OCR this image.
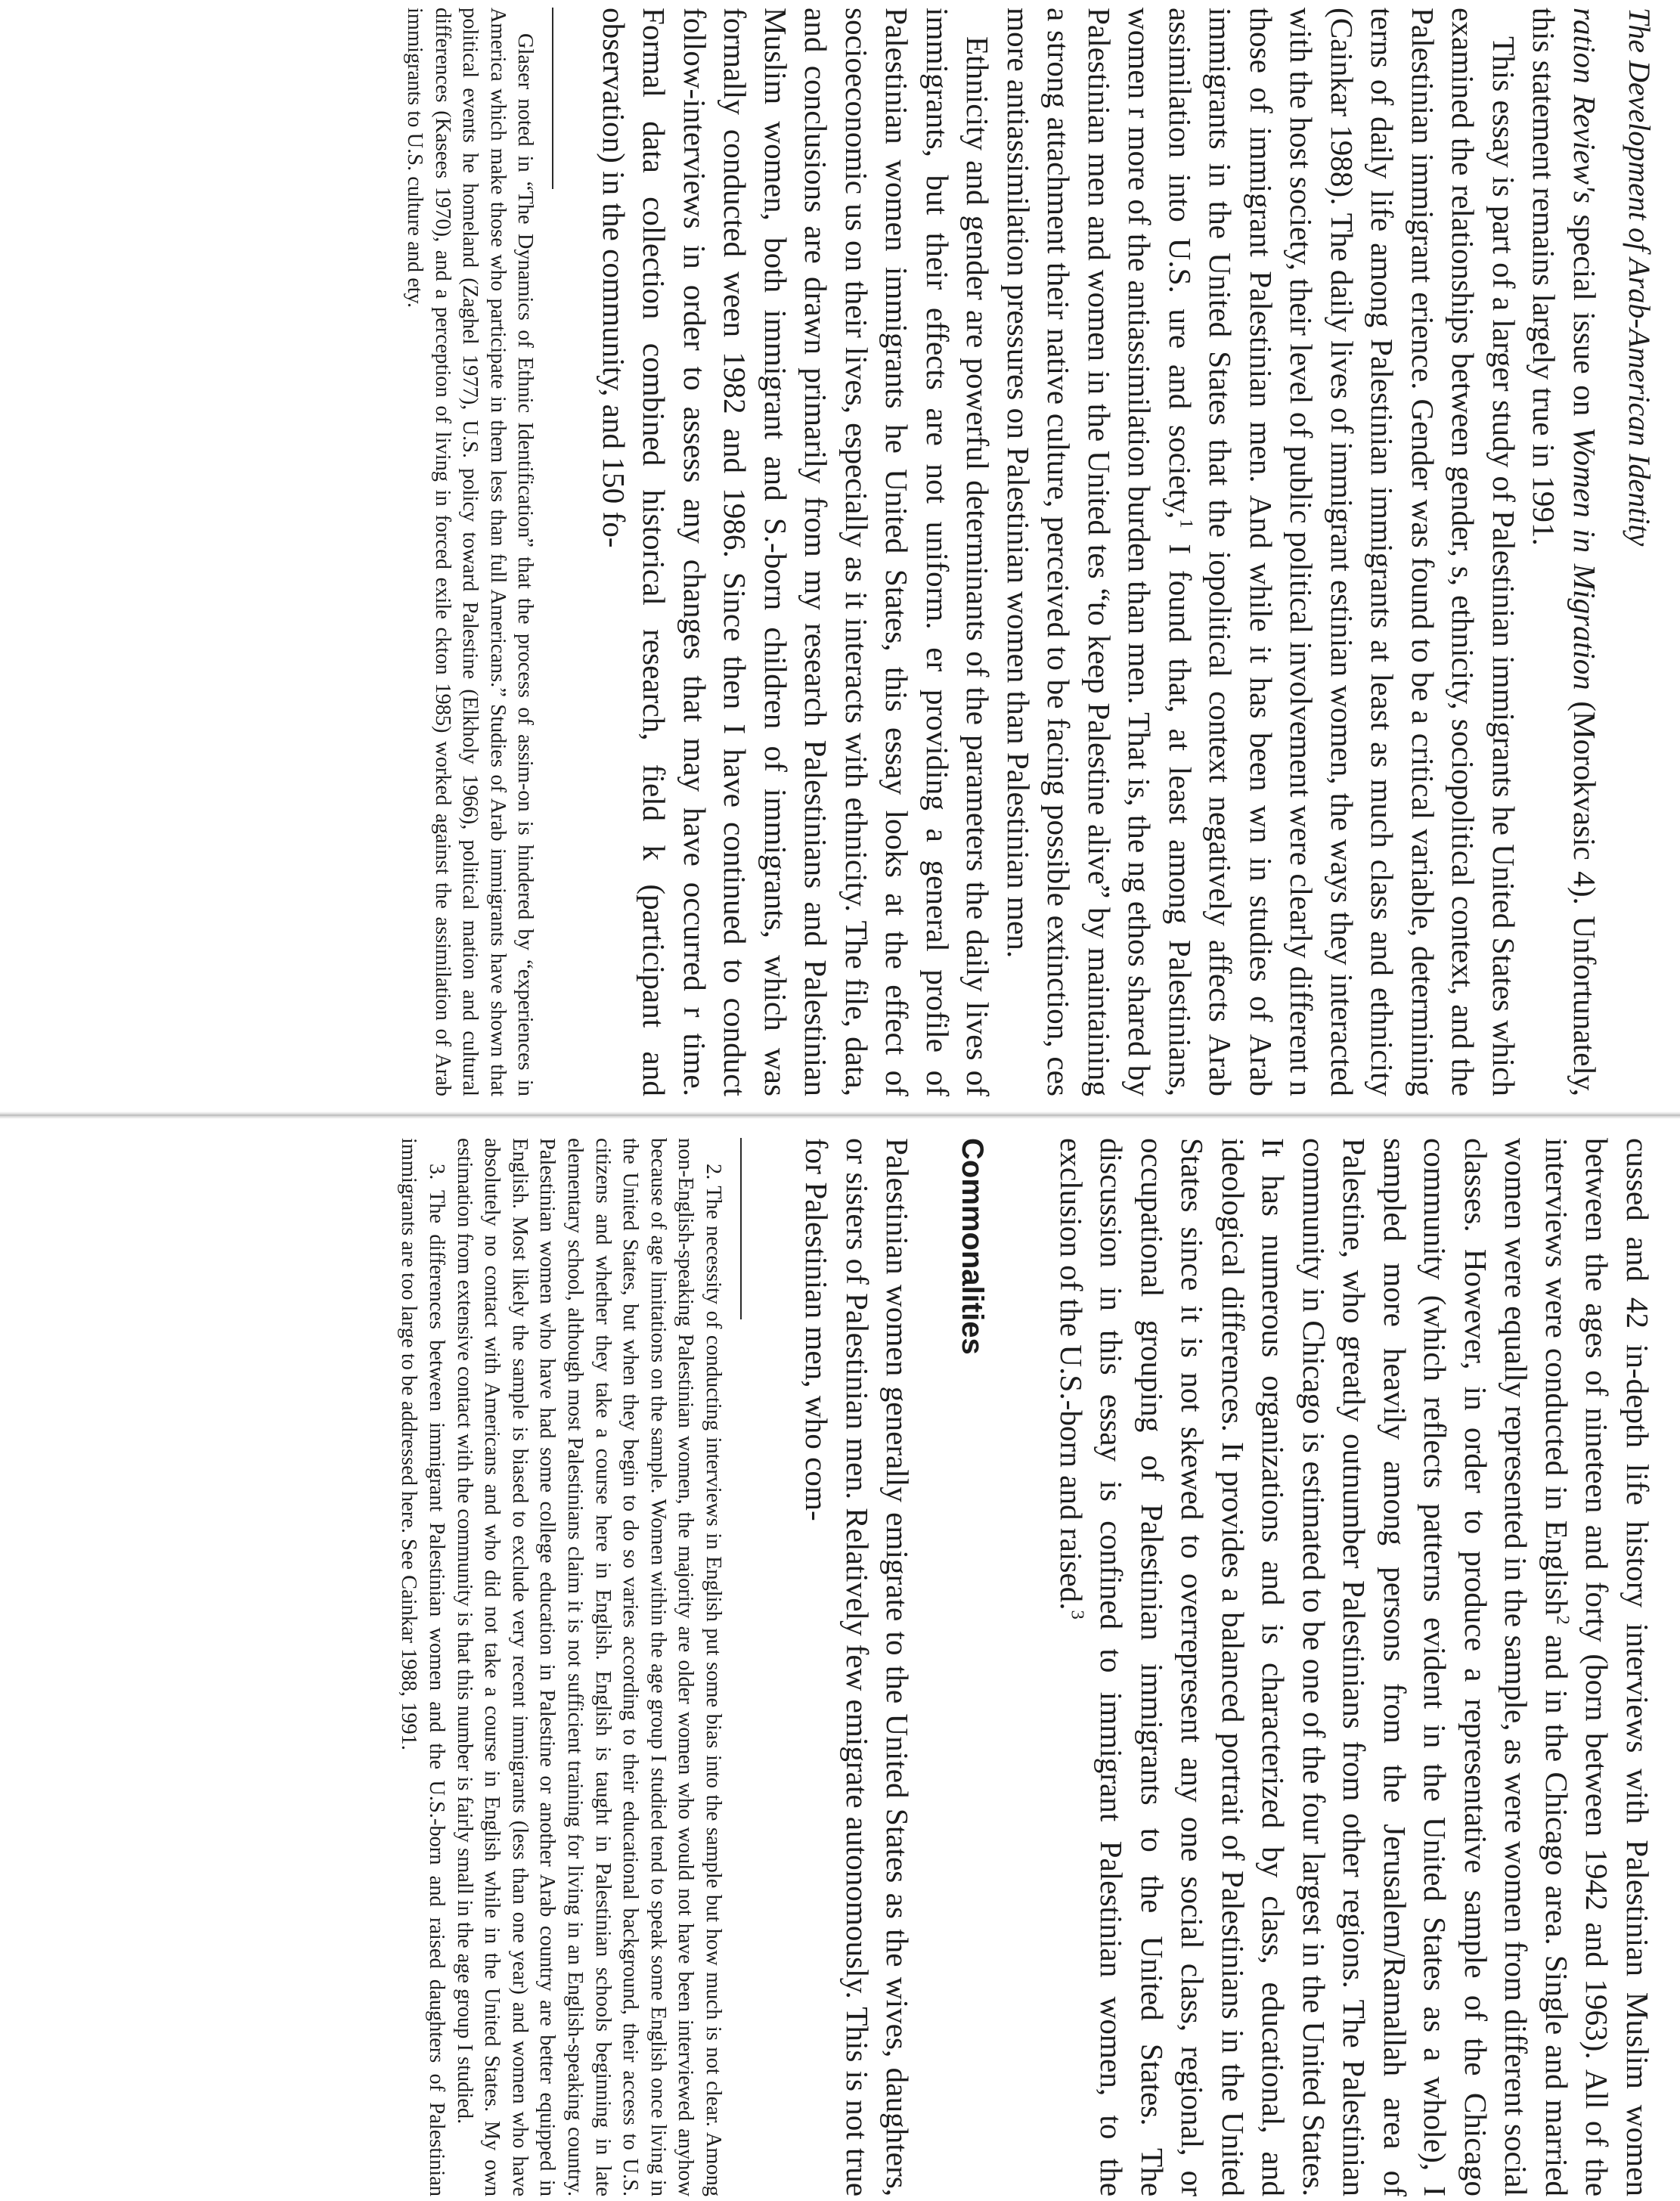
The Development of Arab-American Identity

ration Review's special issue on Women in Migration (Morokvasic 4). Unfortunately, this statement remains largely true in 1991.

This essay is part of a larger study of Palestinian immigrants he United States which examined the relationships between gender, s, ethnicity, sociopolitical context, and the Palestinian immigrant erience. Gender was found to be a critical variable, determining terns of daily life among Palestinian immigrants at least as much class and ethnicity (Cainkar 1988). The daily lives of immigrant estinian women, the ways they interacted with the host society, their level of public political involvement were clearly different n those of immigrant Palestinian men. And while it has been wn in studies of Arab immigrants in the United States that the iopolitical context negatively affects Arab assimilation into U.S. ure and society,$^1$ I found that, at least among Palestinians, women r more of the antiassimilation burden than men. That is, the ng ethos shared by Palestinian men and women in the United tes “to keep Palestine alive” by maintaining a strong attachment their native culture, perceived to be facing possible extinction, ces more antiassimilation pressures on Palestinian women than Palestinian men.

Ethnicity and gender are powerful determinants of the parameters the daily lives of immigrants, but their effects are not uniform. er providing a general profile of Palestinian women immigrants he United States, this essay looks at the effect of socioeconomic us on their lives, especially as it interacts with ethnicity. The file, data, and conclusions are drawn primarily from my research Palestinians and Palestinian Muslim women, both immigrant and S.-born children of immigrants, which was formally conducted ween 1982 and 1986. Since then I have continued to conduct follow-interviews in order to assess any changes that may have occurred r time. Formal data collection combined historical research, field k (participant and observation) in the community, and 150 fo-

Glaser noted in “The Dynamics of Ethnic Identification” that the process of assim-on is hindered by “experiences in America which make those who participate in them less than full Americans.” Studies of Arab immigrants have shown that political events he homeland (Zaghel 1977), U.S. policy toward Palestine (Elkholy 1966), political mation and cultural differences (Kasees 1970), and a perception of living in forced exile ckton 1985) worked against the assimilation of Arab immigrants to U.S. culture and ety.

cussed and 42 in-depth life history interviews with Palestinian Muslim women between the ages of nineteen and forty (born between 1942 and 1963). All of the interviews were conducted in English$^2$ and in the Chicago area. Single and married women were equally represented in the sample, as were women from different social classes. However, in order to produce a representative sample of the Chicago community (which reflects patterns evident in the United States as a whole), I sampled more heavily among persons from the Jerusalem/Ramallah area of Palestine, who greatly outnumber Palestinians from other regions. The Palestinian community in Chicago is estimated to be one of the four largest in the United States. It has numerous organizations and is characterized by class, educational, and ideological differences. It provides a balanced portrait of Palestinians in the United States since it is not skewed to overrepresent any one social class, regional, or occupational grouping of Palestinian immigrants to the United States. The discussion in this essay is confined to immigrant Palestinian women, to the exclusion of the U.S.-born and raised.$^3$

Commonalities

Palestinian women generally emigrate to the United States as the wives, daughters, or sisters of Palestinian men. Relatively few emigrate autonomously. This is not true for Palestinian men, who com-

2. The necessity of conducting interviews in English put some bias into the sample but how much is not clear. Among non-English-speaking Palestinian women, the majority are older women who would not have been interviewed anyhow because of age limitations on the sample. Women within the age group I studied tend to speak some English once living in the United States, but when they begin to do so varies according to their educational background, their access to U.S. citizens and whether they take a course here in English. English is taught in Palestinian schools beginning in late elementary school, although most Palestinians claim it is not sufficient training for living in an English-speaking country. Palestinian women who have had some college education in Palestine or another Arab country are better equipped in English. Most likely the sample is biased to exclude very recent immigrants (less than one year) and women who have absolutely no contact with Americans and who did not take a course in English while in the United States. My own estimation from extensive contact with the community is that this number is fairly small in the age group I studied.

3. The differences between immigrant Palestinian women and the U.S.-born and raised daughters of Palestinian immigrants are too large to be addressed here. See Cainkar 1988, 1991.
